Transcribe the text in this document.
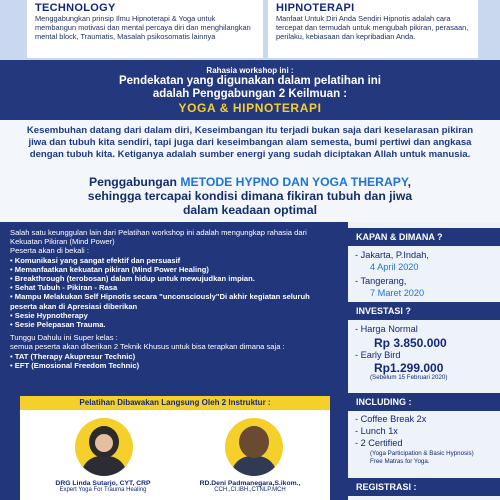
TECHNOLOGY

Menggabungkan prinsip Ilmu Hipnoterapi & Yoga untuk membangun motivasi dan mental percaya diri dan menghilangkan mental block, Traumatis, Masalah psikosomatis lainnya

HIPNOTERAPI

Manfaat Untuk Diri Anda Sendiri Hipnotis adalah cara tercepat dan termudah untuk mengubah pikiran, perasaan, perilaku, kebiasaan dan kepribadian Anda.

Rahasia workshop ini :
Pendekatan yang digunakan dalam pelatihan ini
adalah Penggabungan 2 Keilmuan :
YOGA & HIPNOTERAPI
Kesembuhan datang dari dalam diri, Keseimbangan itu terjadi bukan saja dari keselarasan pikiran jiwa dan tubuh kita sendiri, tapi juga dari keseimbangan alam semesta, bumi pertiwi dan angkasa dengan tubuh kita. Ketiganya adalah sumber energi yang sudah diciptakan Allah untuk manusia.
Penggabungan METODE HYPNO DAN YOGA THERAPY,
sehingga tercapai kondisi dimana fikiran tubuh dan jiwa
dalam keadaan optimal

Salah satu keunggulan lain dari Pelatihan workshop ini adalah mengungkap rahasia dari Kekuatan Pikiran (Mind Power)

Peserta akan di bekali :

• Komunikasi yang sangat efektif dan persuasif
• Memanfaatkan kekuatan pikiran (Mind Power Healing)
• Breakthrough (terobosan) dalam hidup untuk mewujudkan impian.
• Sehat Tubuh - Pikiran - Rasa
• Mampu Melakukan Self Hipnotis secara "unconsciously"Di akhir kegiatan seluruh peserta akan di Apresiasi diberikan
• Sesie Hypnotherapy
• Sesie Pelepasan Trauma.

Tunggu Dahulu ini Super kelas :

semua peserta akan diberikan 2 Teknik Khusus untuk bisa terapkan dimana saja :

• TAT (Therapy Akupresur Technic)
• EFT (Emosional Freedom Technic)
Pelatihan Dibawakan Langsung Oleh 2 Instruktur :
DRG Linda Sutarjo, CYT, CRP
Expert Yoga For Trauma Healing
RD.Deni Padmanegara,S.ikom.,
CCH.,CI.IBH.,CTNLP.MCH
KAPAN & DIMANA ?
- Jakarta, P.Indah,
4 April 2020
- Tangerang,
7 Maret 2020
INVESTASI ?
- Harga Normal
Rp 3.850.000
- Early Bird
Rp1.299.000
(Sebelum 15 Februari 2020)
INCLUDING :
- Coffee Break 2x
- Lunch 1x
- 2 Certified
(Yoga Participation & Basic Hypnosis)
Free Matras for Yoga.
REGISTRASI :
